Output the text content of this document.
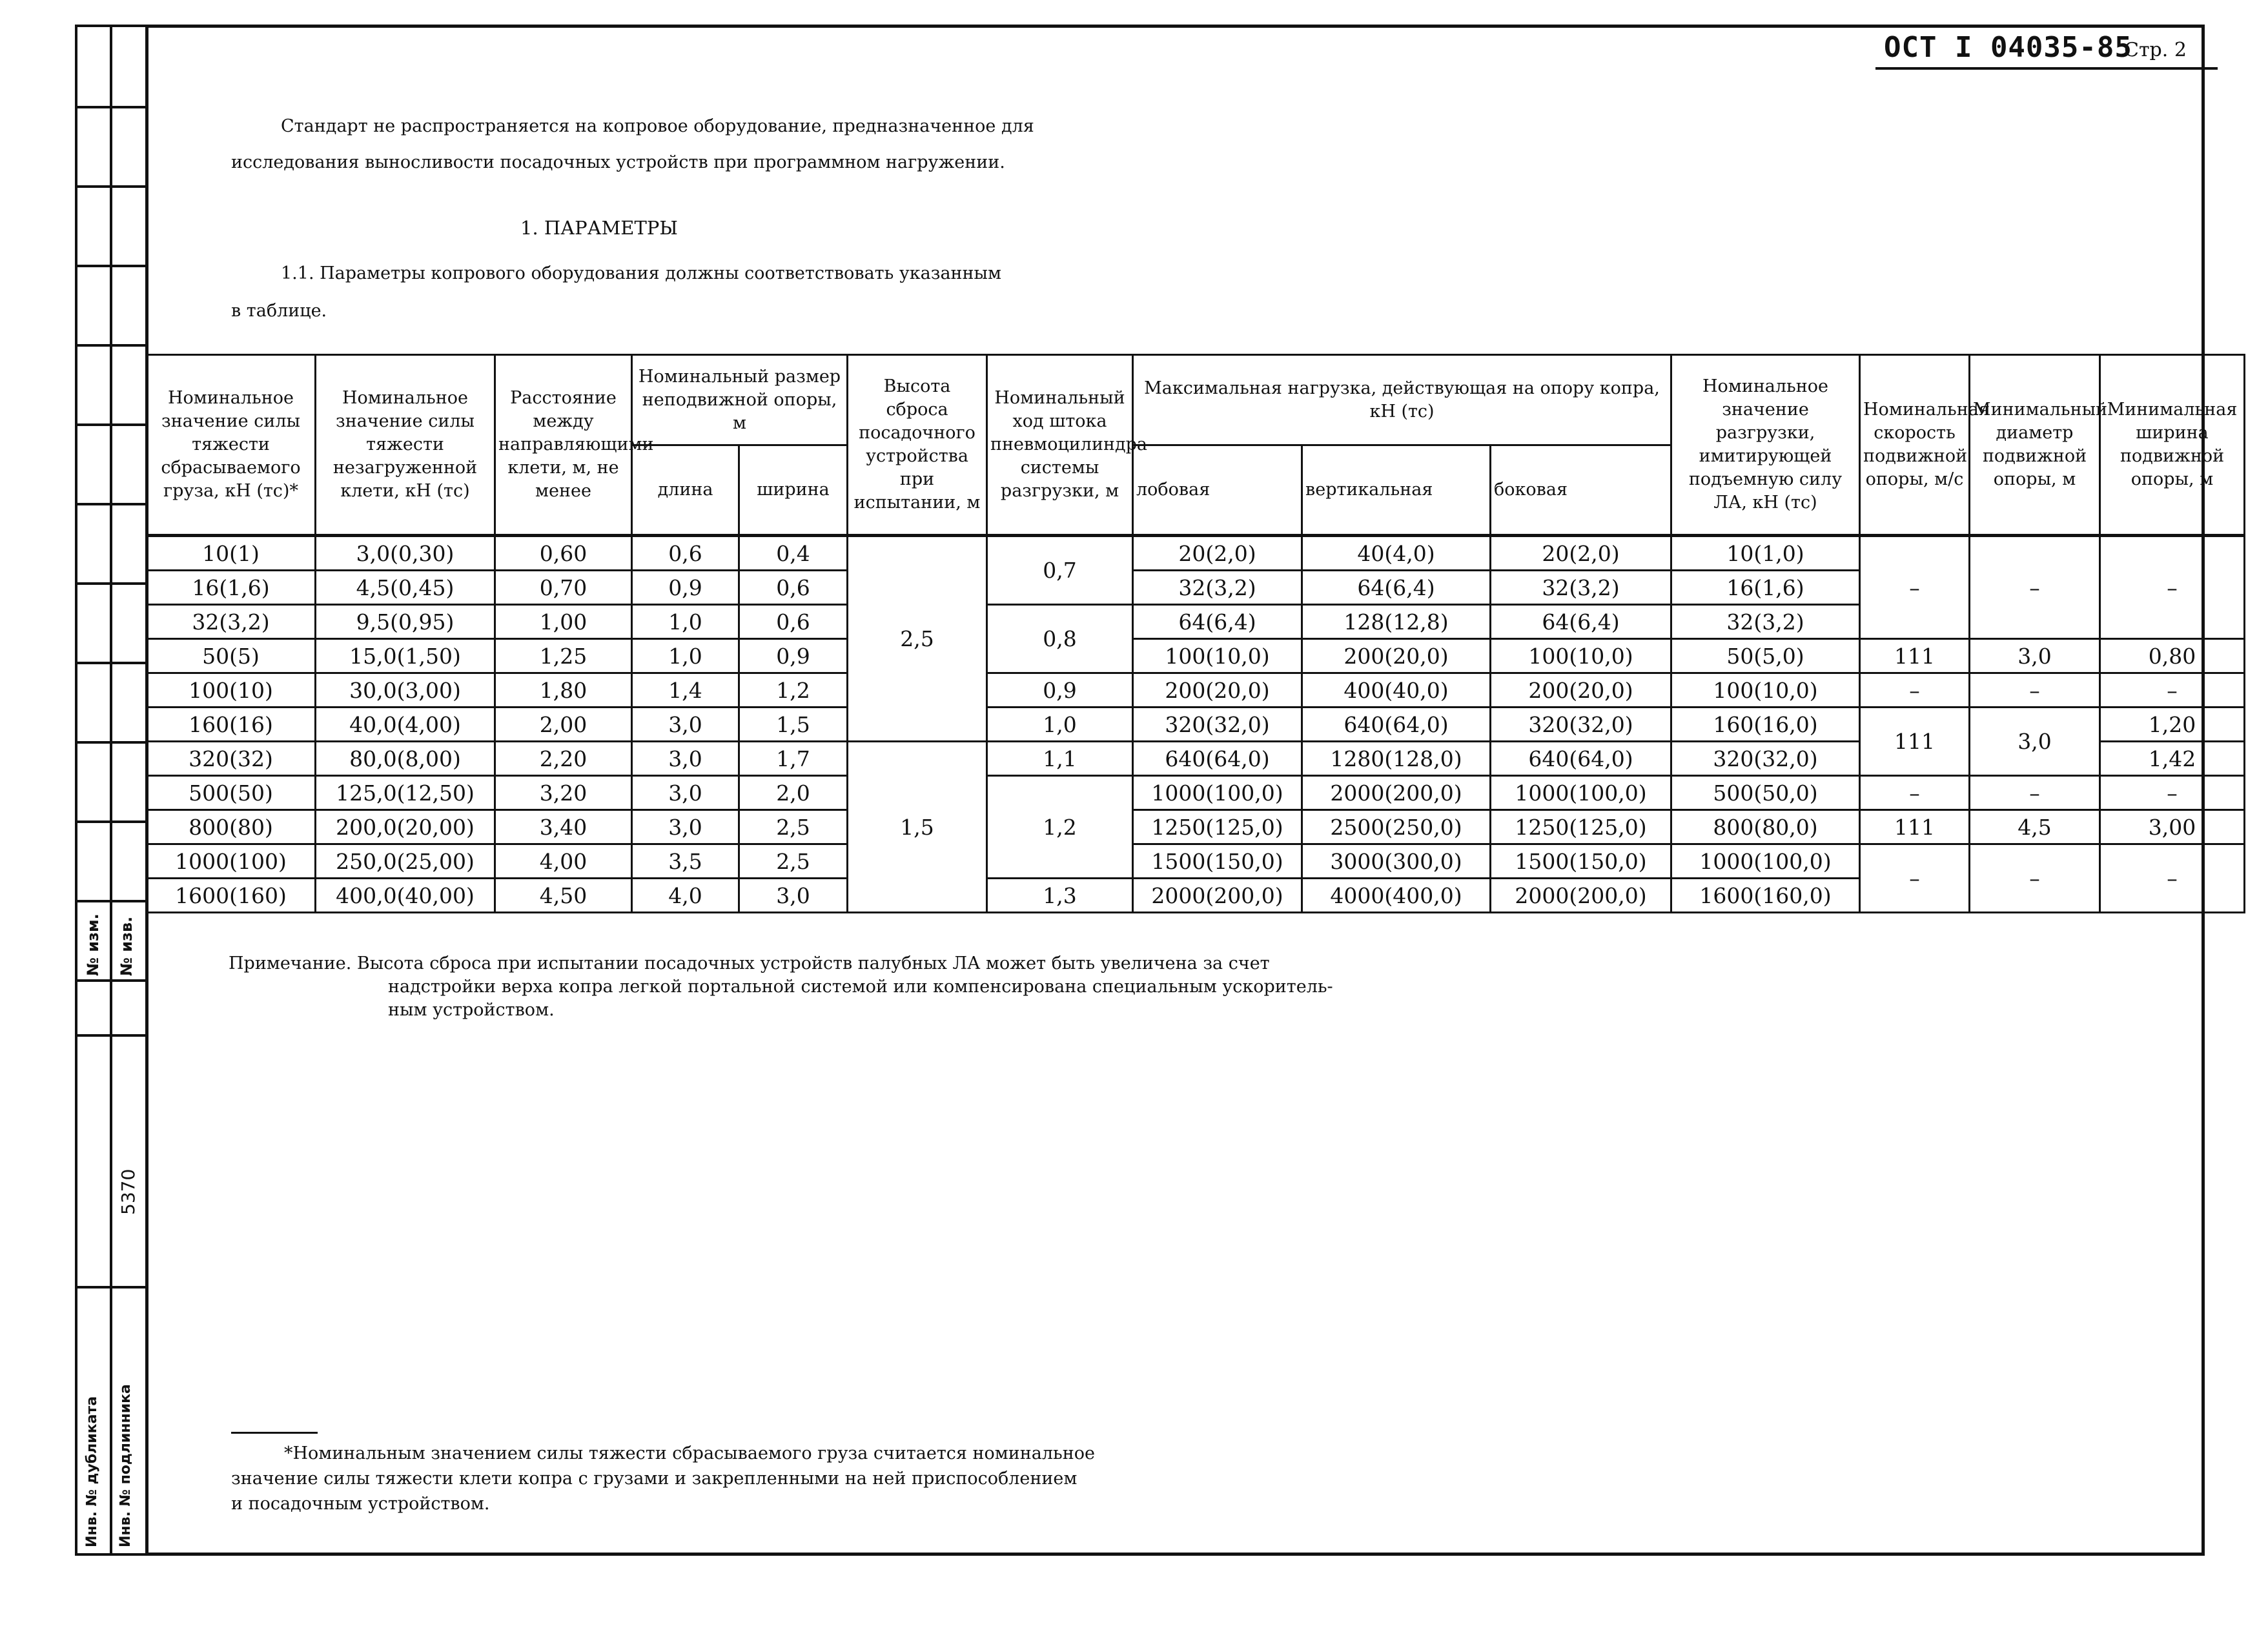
№ изм. № изв.
Инв. № дубликата Инв. № подлинника
5370
ОСТ I 04035-85
Стр. 2
Стандарт не распространяется на копровое оборудование, предназначенное для
исследования выносливости посадочных устройств при программном нагружении.
1. ПАРАМЕТРЫ
1.1. Параметры копрового оборудования должны соответствовать указанным
в таблице.
Номинальное значение силы тяжести сбрасываемого груза, кН (тс)*	Номинальное значение силы тяжести незагруженной клети, кН (тс)	Расстояние между направляющими клети, м, не менее	Номинальный размер неподвижной опоры, м		Высота сброса посадочного устройства при испытании, м	Номинальный ход штока пневмоцилиндра системы разгрузки, м	Максимальная нагрузка, действующая на опору копра, кН (тс)			Номинальное значение разгрузки, имитирующей подъемную силу ЛА, кН (тс)	Номинальная скорость подвижной опоры, м/с	Минимальный диаметр подвижной опоры, м	Минимальная ширина подвижной опоры, м
			длина	ширина			лобовая	вертикальная	боковая				
10(1)	3,0(0,30)	0,60	0,6	0,4	2,5	0,7	20(2,0)	40(4,0)	20(2,0)	10(1,0)	–	–	–
16(1,6)	4,5(0,45)	0,70	0,9	0,6			32(3,2)	64(6,4)	32(3,2)	16(1,6)			
32(3,2)	9,5(0,95)	1,00	1,0	0,6		0,8	64(6,4)	128(12,8)	64(6,4)	32(3,2)			
50(5)	15,0(1,50)	1,25	1,0	0,9			100(10,0)	200(20,0)	100(10,0)	50(5,0)	111	3,0	0,80
100(10)	30,0(3,00)	1,80	1,4	1,2		0,9	200(20,0)	400(40,0)	200(20,0)	100(10,0)	–	–	–
160(16)	40,0(4,00)	2,00	3,0	1,5		1,0	320(32,0)	640(64,0)	320(32,0)	160(16,0)	111	3,0	1,20
320(32)	80,0(8,00)	2,20	3,0	1,7	1,5	1,1	640(64,0)	1280(128,0)	640(64,0)	320(32,0)			1,42
500(50)	125,0(12,50)	3,20	3,0	2,0		1,2	1000(100,0)	2000(200,0)	1000(100,0)	500(50,0)	–	–	–
800(80)	200,0(20,00)	3,40	3,0	2,5			1250(125,0)	2500(250,0)	1250(125,0)	800(80,0)	111	4,5	3,00
1000(100)	250,0(25,00)	4,00	3,5	2,5			1500(150,0)	3000(300,0)	1500(150,0)	1000(100,0)	–	–	–
1600(160)	400,0(40,00)	4,50	4,0	3,0		1,3	2000(200,0)	4000(400,0)	2000(200,0)	1600(160,0)			
Примечание. Высота сброса при испытании посадочных устройств палубных ЛА может быть увеличена за счет
надстройки верха копра легкой портальной системой или компенсирована специальным ускоритель-
ным устройством.
*Номинальным значением силы тяжести сбрасываемого груза считается номинальное
значение силы тяжести клети копра с грузами и закрепленными на ней приспособлением
и посадочным устройством.
